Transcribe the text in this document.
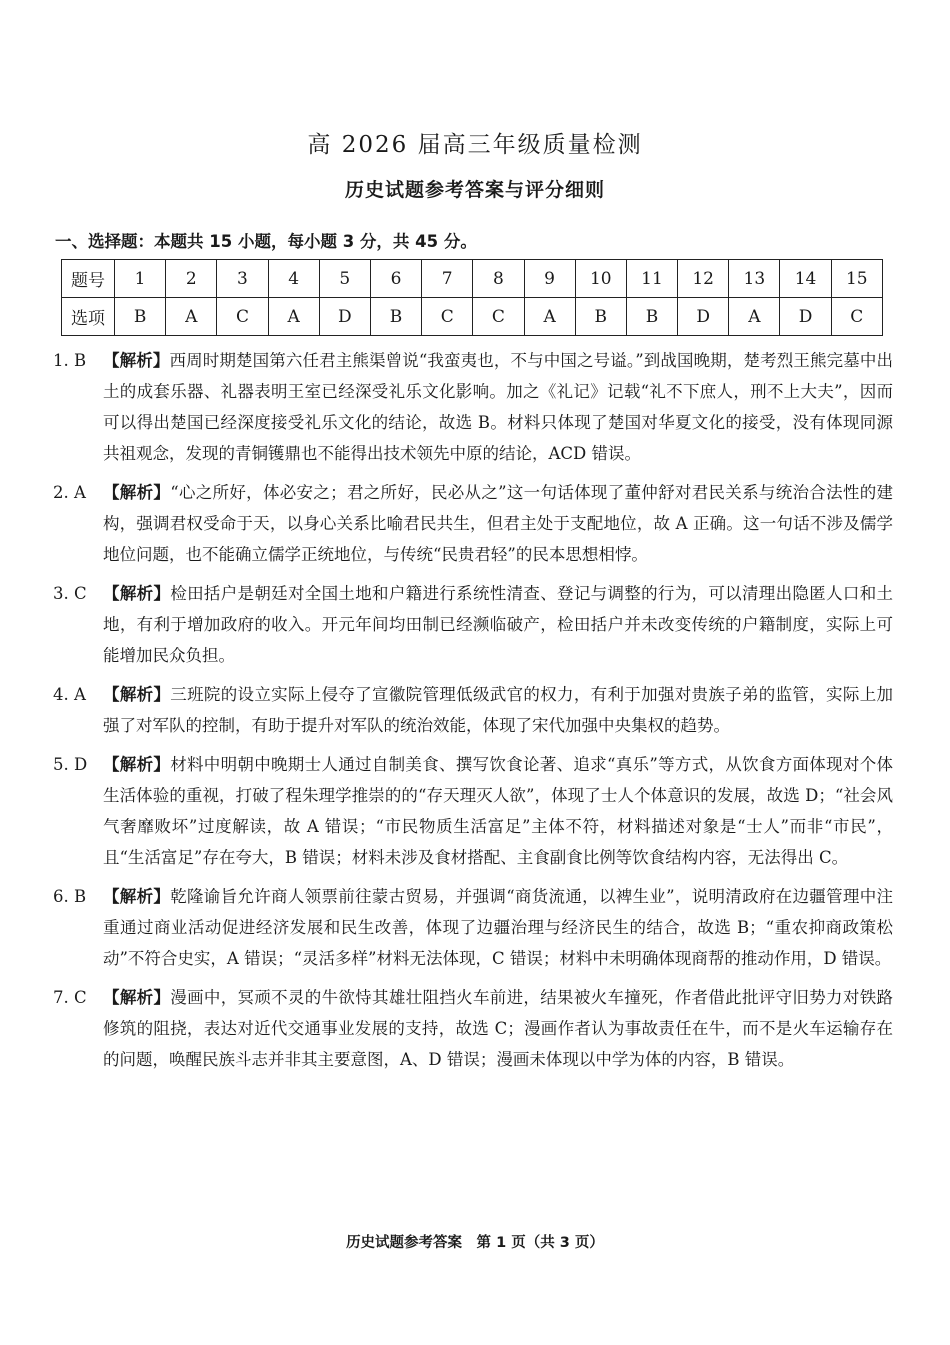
高 2026 届高三年级质量检测
历史试题参考答案与评分细则
一、选择题：本题共 15 小题，每小题 3 分，共 45 分。
题号	1	2	3	4	5	6	7	8	9	10	11	12	13	14	15
选项	B	A	C	A	D	B	C	C	A	B	B	D	A	D	C
1. B	【解析】西周时期楚国第六任君主熊渠曾说“我蛮夷也，不与中国之号谥。”到战国晚期，楚考烈王熊完墓中出土的成套乐器、礼器表明王室已经深受礼乐文化影响。加之《礼记》记载“礼不下庶人，刑不上大夫”，因而可以得出楚国已经深度接受礼乐文化的结论，故选 B。材料只体现了楚国对华夏文化的接受，没有体现同源共祖观念，发现的青铜镬鼎也不能得出技术领先中原的结论，ACD 错误。
2. A	【解析】“心之所好，体必安之；君之所好，民必从之”这一句话体现了董仲舒对君民关系与统治合法性的建构，强调君权受命于天，以身心关系比喻君民共生，但君主处于支配地位，故 A 正确。这一句话不涉及儒学地位问题，也不能确立儒学正统地位，与传统“民贵君轻”的民本思想相悖。
3. C 【解析】检田括户是朝廷对全国土地和户籍进行系统性清查、登记与调整的行为，可以清理出隐匿人口和土地，有利于增加政府的收入。开元年间均田制已经濒临破产，检田括户并未改变传统的户籍制度，实际上可能增加民众负担。
4. A	【解析】三班院的设立实际上侵夺了宣徽院管理低级武官的权力，有利于加强对贵族子弟的监管，实际上加强了对军队的控制，有助于提升对军队的统治效能，体现了宋代加强中央集权的趋势。
5. D 【解析】材料中明朝中晚期士人通过自制美食、撰写饮食论著、追求“真乐”等方式，从饮食方面体现对个体生活体验的重视，打破了程朱理学推崇的的“存天理灭人欲”，体现了士人个体意识的发展，故选 D；“社会风气奢靡败坏”过度解读，故 A 错误；“市民物质生活富足”主体不符，材料描述对象是“士人”而非“市民”，且“生活富足”存在夸大，B 错误；材料未涉及食材搭配、主食副食比例等饮食结构内容，无法得出 C。
6. B	【解析】乾隆谕旨允许商人领票前往蒙古贸易，并强调“商货流通，以裨生业”，说明清政府在边疆管理中注重通过商业活动促进经济发展和民生改善，体现了边疆治理与经济民生的结合，故选 B；“重农抑商政策松动”不符合史实，A 错误；“灵活多样”材料无法体现，C 错误；材料中未明确体现商帮的推动作用，D 错误。
7. C 【解析】漫画中，冥顽不灵的牛欲恃其雄壮阻挡火车前进，结果被火车撞死，作者借此批评守旧势力对铁路修筑的阻挠，表达对近代交通事业发展的支持，故选 C；漫画作者认为事故责任在牛，而不是火车运输存在的问题，唤醒民族斗志并非其主要意图，A、D 错误；漫画未体现以中学为体的内容，B 错误。
历史试题参考答案　第 1 页（共 3 页）
